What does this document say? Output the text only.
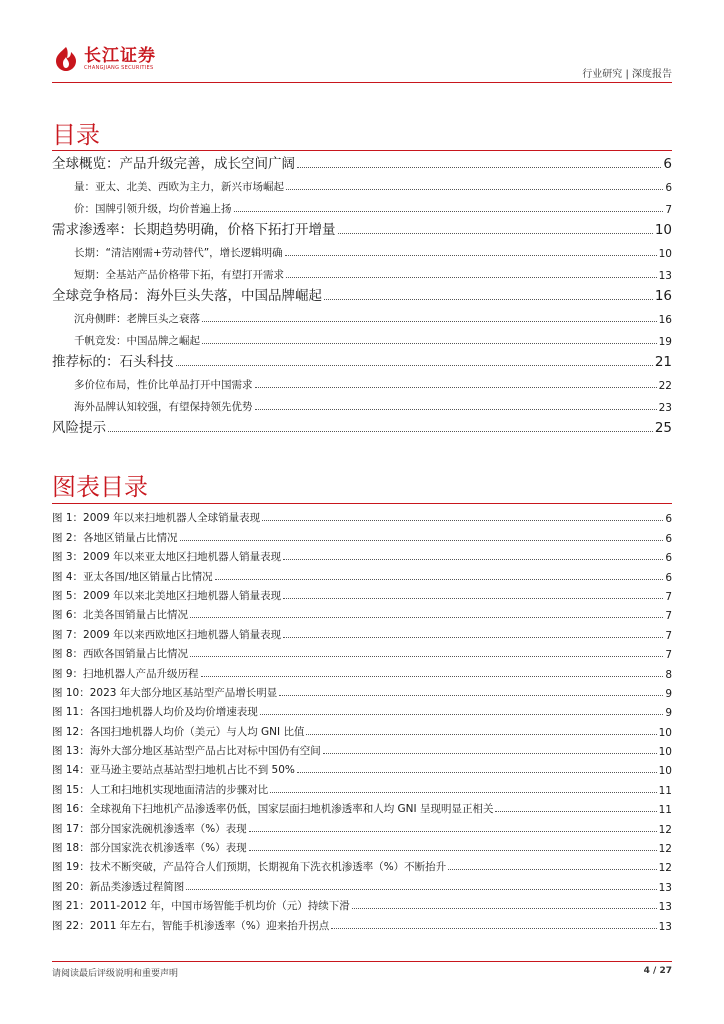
长江证券
CHANGJIANG SECURITIES
行业研究 | 深度报告
目录
全球概览：产品升级完善，成长空间广阔	6
量：亚太、北美、西欧为主力，新兴市场崛起	6
价：国牌引领升级，均价普遍上扬	7
需求渗透率：长期趋势明确，价格下拓打开增量	10
长期：“清洁刚需+劳动替代”，增长逻辑明确	10
短期：全基站产品价格带下拓，有望打开需求	13
全球竞争格局：海外巨头失落，中国品牌崛起	16
沉舟侧畔：老牌巨头之衰落	16
千帆竞发：中国品牌之崛起	19
推荐标的：石头科技	21
多价位布局，性价比单品打开中国需求	22
海外品牌认知较强，有望保持领先优势	23
风险提示	25
图表目录
图 1： 2009 年以来扫地机器人全球销量表现	6
图 2： 各地区销量占比情况	6
图 3： 2009 年以来亚太地区扫地机器人销量表现	6
图 4： 亚太各国/地区销量占比情况	6
图 5： 2009 年以来北美地区扫地机器人销量表现	7
图 6： 北美各国销量占比情况	7
图 7： 2009 年以来西欧地区扫地机器人销量表现	7
图 8： 西欧各国销量占比情况	7
图 9： 扫地机器人产品升级历程	8
图 10： 2023 年大部分地区基站型产品增长明显	9
图 11： 各国扫地机器人均价及均价增速表现	9
图 12： 各国扫地机器人均价（美元）与人均 GNI 比值	10
图 13： 海外大部分地区基站型产品占比对标中国仍有空间	10
图 14： 亚马逊主要站点基站型扫地机占比不到 50%	10
图 15： 人工和扫地机实现地面清洁的步骤对比	11
图 16： 全球视角下扫地机产品渗透率仍低，国家层面扫地机渗透率和人均 GNI 呈现明显正相关	11
图 17： 部分国家洗碗机渗透率（%）表现	12
图 18： 部分国家洗衣机渗透率（%）表现	12
图 19： 技术不断突破，产品符合人们预期，长期视角下洗衣机渗透率（%）不断抬升	12
图 20： 新品类渗透过程简图	13
图 21： 2011-2012 年，中国市场智能手机均价（元）持续下滑	13
图 22： 2011 年左右，智能手机渗透率（%）迎来抬升拐点	13
请阅读最后评级说明和重要声明	4 / 27
